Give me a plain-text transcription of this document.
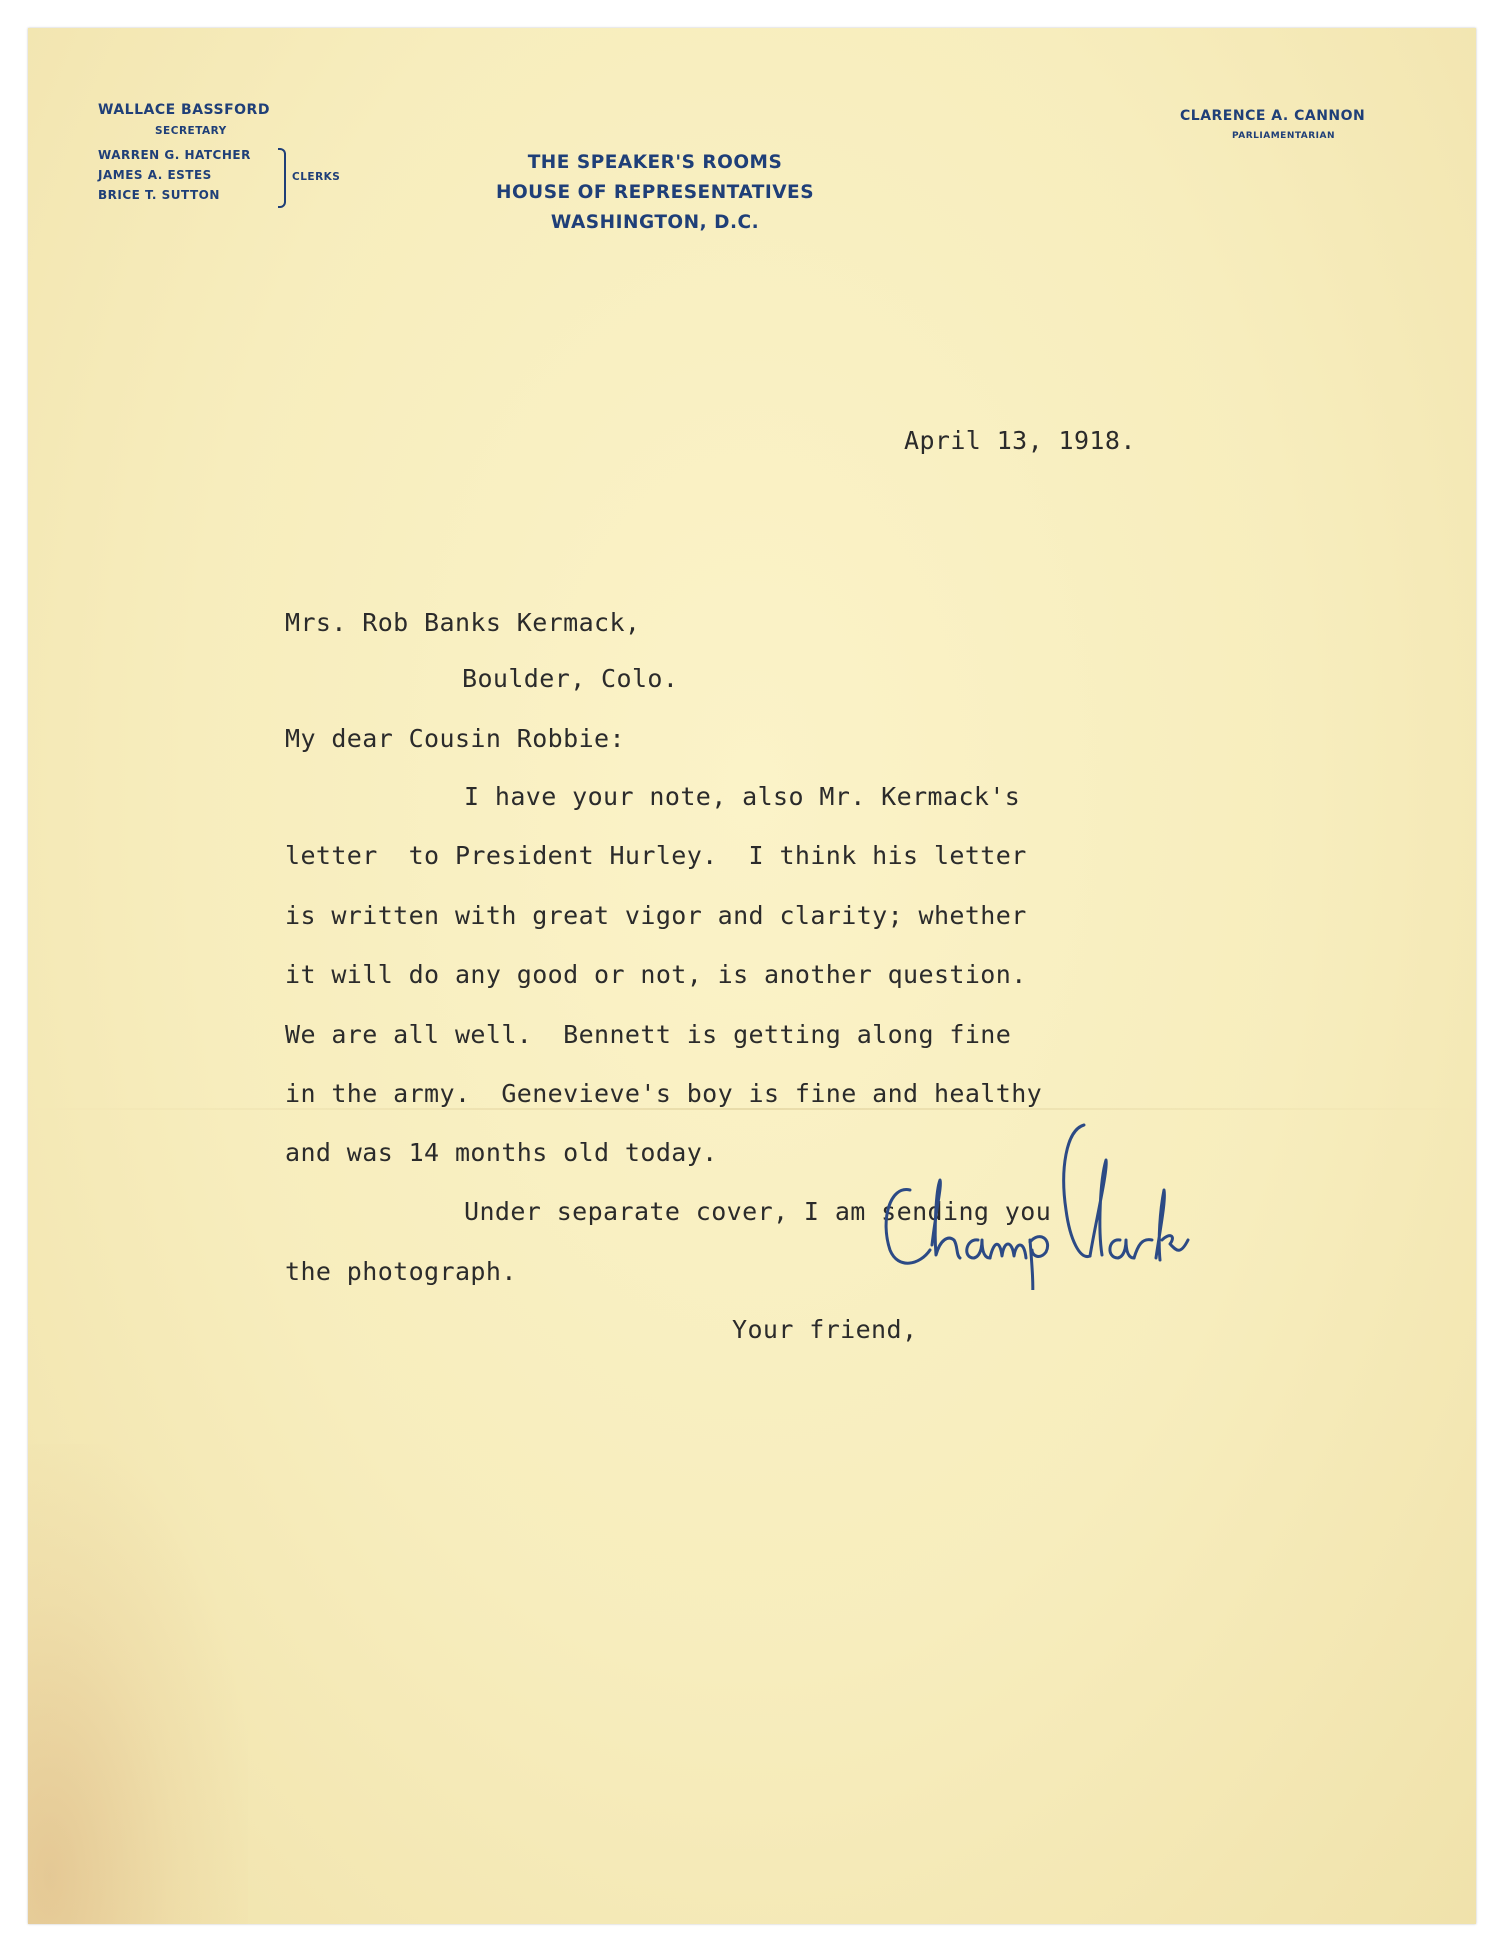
WALLACE BASSFORD
SECRETARY
WARREN G. HATCHER
JAMES A. ESTES
BRICE T. SUTTON
CLERKS
THE SPEAKER'S ROOMS
HOUSE OF REPRESENTATIVES
WASHINGTON, D.C.
CLARENCE A. CANNON
PARLIAMENTARIAN
April 13, 1918.
Mrs. Rob Banks Kermack,
Boulder, Colo.
My dear Cousin Robbie:
I have your note, also Mr. Kermack's
letter  to President Hurley.  I think his letter
is written with great vigor and clarity; whether
it will do any good or not, is another question.
We are all well.  Bennett is getting along fine
in the army.  Genevieve's boy is fine and healthy
and was 14 months old today.
Under separate cover, I am sending you
the photograph.
Your friend,
